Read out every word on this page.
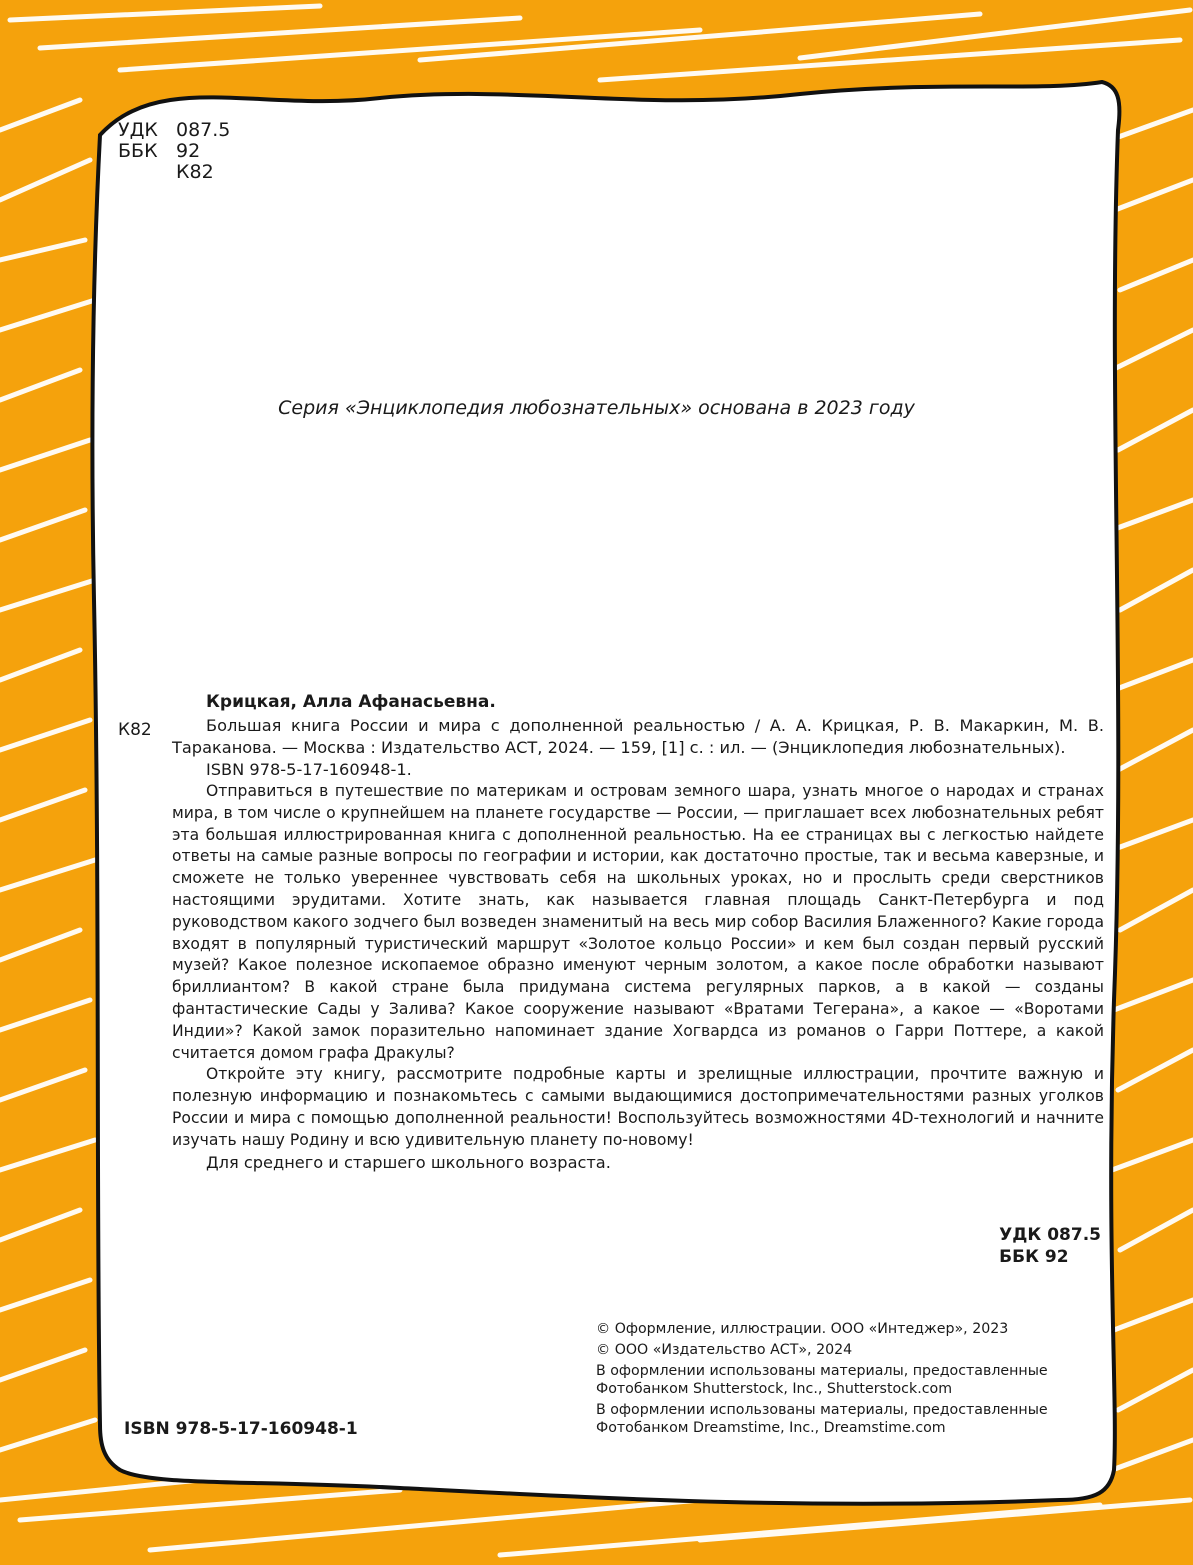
УДК 087.5
ББК 92
К82

Серия «Энциклопедия любознательных» основана в 2023 году

К82

Крицкая, Алла Афанасьевна.

Большая книга России и мира с дополненной реальностью / А. А. Крицкая, Р. В. Макаркин, М. В. Тараканова. — Москва : Издательство АСТ, 2024. — 159, [1] с. : ил. — (Энциклопедия любознательных).

ISBN 978-5-17-160948-1.

Отправиться в путешествие по материкам и островам земного шара, узнать многое о народах и странах мира, в том числе о крупнейшем на планете государстве — России, — приглашает всех любознательных ребят эта большая иллюстрированная книга с дополненной реальностью. На ее страницах вы с легкостью найдете ответы на самые разные вопросы по географии и истории, как достаточно простые, так и весьма каверзные, и сможете не только увереннее чувствовать себя на школьных уроках, но и прослыть среди сверстников настоящими эрудитами. Хотите знать, как называется главная площадь Санкт-Петербурга и под руководством какого зодчего был возведен знаменитый на весь мир собор Василия Блаженного? Какие города входят в популярный туристический маршрут «Золотое кольцо России» и кем был создан первый русский музей? Какое полезное ископаемое образно именуют черным золотом, а какое после обработки называют бриллиантом? В какой стране была придумана система регулярных парков, а в какой — созданы фантастические Сады у Залива? Какое сооружение называют «Вратами Тегерана», а какое — «Воротами Индии»? Какой замок поразительно напоминает здание Хогвардса из романов о Гарри Поттере, а какой считается домом графа Дракулы?

Откройте эту книгу, рассмотрите подробные карты и зрелищные иллюстрации, прочтите важную и полезную информацию и познакомьтесь с самыми выдающимися достопримечательностями разных уголков России и мира с помощью дополненной реальности! Воспользуйтесь возможностями 4D-технологий и начните изучать нашу Родину и всю удивительную планету по-новому!

Для среднего и старшего школьного возраста.

УДК 087.5
ББК 92
© Оформление, иллюстрации. ООО «Интеджер», 2023
© ООО «Издательство АСТ», 2024
В оформлении использованы материалы, предоставленные Фотобанком Shutterstock, Inc., Shutterstock.com
В оформлении использованы материалы, предоставленные Фотобанком Dreamstime, Inc., Dreamstime.com

ISBN 978-5-17-160948-1
